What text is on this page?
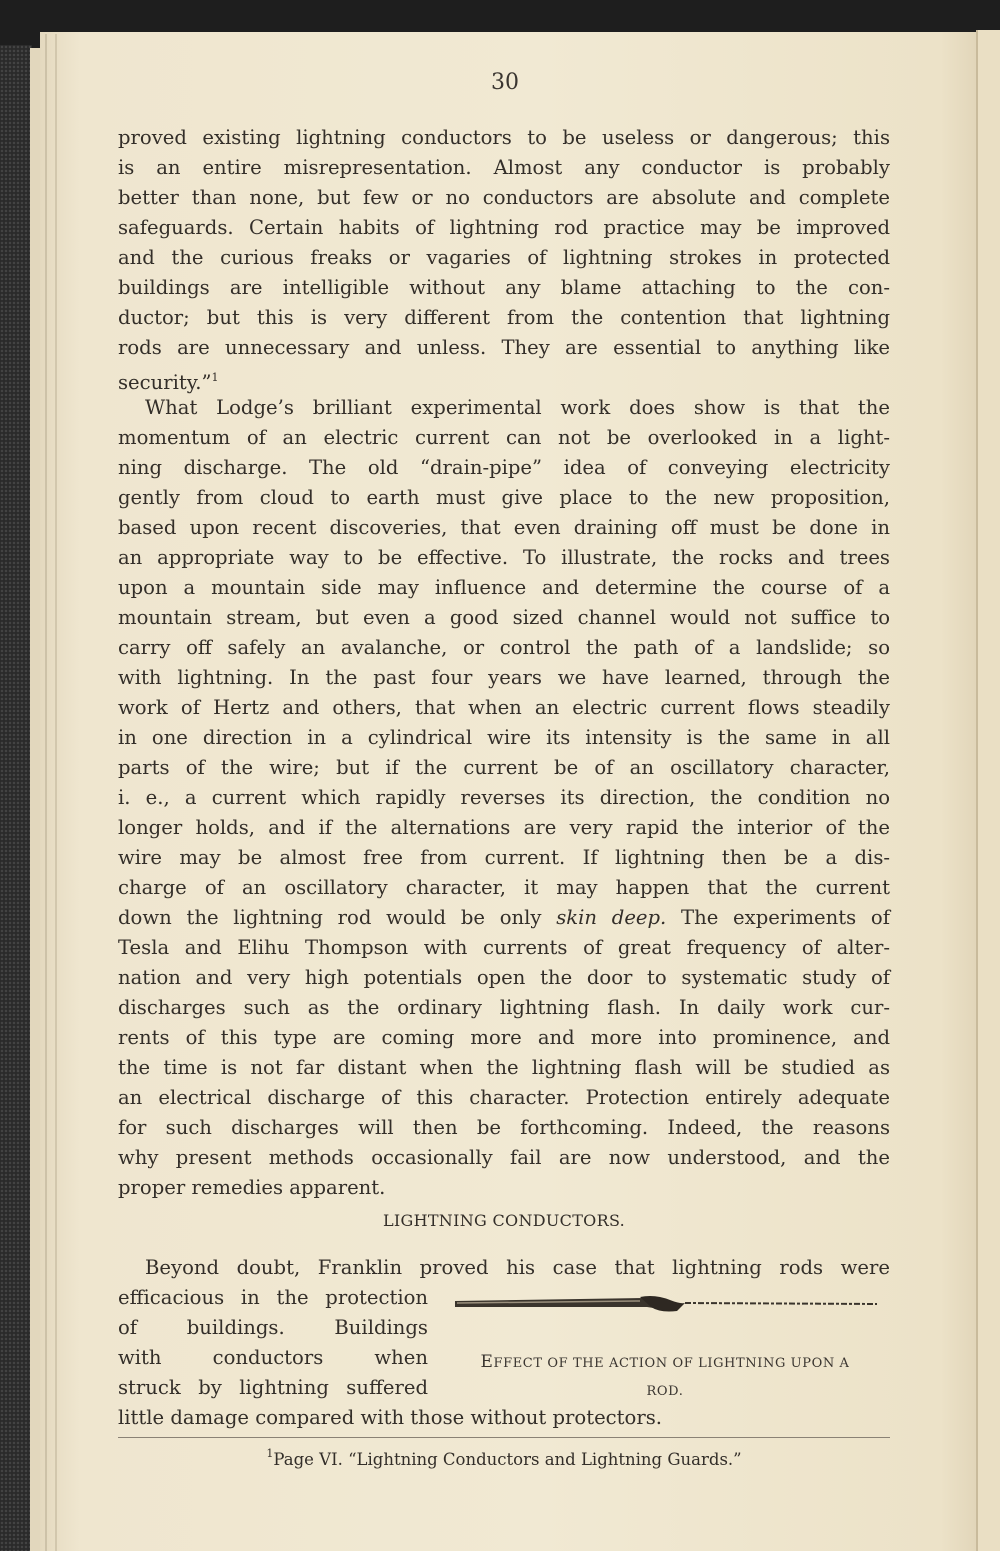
30
proved existing lightning conductors to be useless or dangerous; this
is an entire misrepresentation. Almost any conductor is probably
better than none, but few or no conductors are absolute and complete
safeguards. Certain habits of lightning rod practice may be improved
and the curious freaks or vagaries of lightning strokes in protected
buildings are intelligible without any blame attaching to the con-
ductor; but this is very different from the contention that lightning
rods are unnecessary and unless. They are essential to anything like
security.”$^1$
What Lodge’s brilliant experimental work does show is that the
momentum of an electric current can not be overlooked in a light-
ning discharge. The old “drain-pipe” idea of conveying electricity
gently from cloud to earth must give place to the new proposition,
based upon recent discoveries, that even draining off must be done in
an appropriate way to be effective. To illustrate, the rocks and trees
upon a mountain side may influence and determine the course of a
mountain stream, but even a good sized channel would not suffice to
carry off safely an avalanche, or control the path of a landslide; so
with lightning. In the past four years we have learned, through the
work of Hertz and others, that when an electric current flows steadily
in one direction in a cylindrical wire its intensity is the same in all
parts of the wire; but if the current be of an oscillatory character,
i. e., a current which rapidly reverses its direction, the condition no
longer holds, and if the alternations are very rapid the interior of the
wire may be almost free from current. If lightning then be a dis-
charge of an oscillatory character, it may happen that the current
down the lightning rod would be only skin deep. The experiments of
Tesla and Elihu Thompson with currents of great frequency of alter-
nation and very high potentials open the door to systematic study of
discharges such as the ordinary lightning flash. In daily work cur-
rents of this type are coming more and more into prominence, and
the time is not far distant when the lightning flash will be studied as
an electrical discharge of this character. Protection entirely adequate
for such discharges will then be forthcoming. Indeed, the reasons
why present methods occasionally fail are now understood, and the
proper remedies apparent.
LIGHTNING CONDUCTORS.
Beyond doubt, Franklin proved his case that lightning rods were
efficacious in the protection
of buildings. Buildings
with conductors when
struck by lightning suffered
little damage compared with those without protectors.
EFFECT OF THE ACTION OF LIGHTNING UPON A
ROD.
$^1$Page VI. “Lightning Conductors and Lightning Guards.”
